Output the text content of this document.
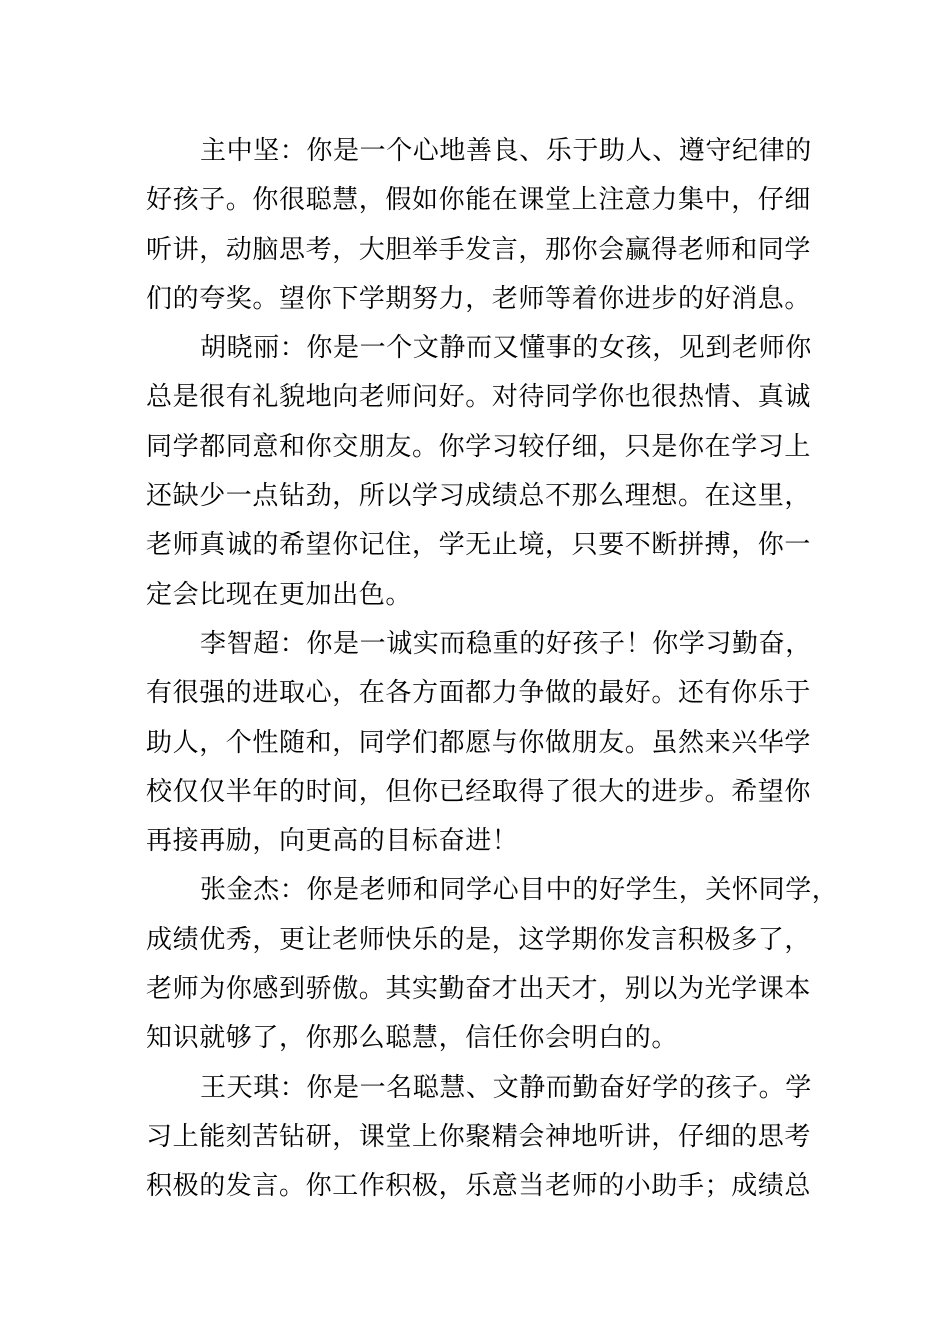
主中坚：你是一个心地善良、乐于助人、遵守纪律的
好孩子。你很聪慧，假如你能在课堂上注意力集中，仔细
听讲，动脑思考，大胆举手发言，那你会赢得老师和同学
们的夸奖。望你下学期努力，老师等着你进步的好消息。
胡晓丽：你是一个文静而又懂事的女孩，见到老师你
总是很有礼貌地向老师问好。对待同学你也很热情、真诚
同学都同意和你交朋友。你学习较仔细，只是你在学习上
还缺少一点钻劲，所以学习成绩总不那么理想。在这里，
老师真诚的希望你记住，学无止境，只要不断拼搏，你一
定会比现在更加出色。
李智超：你是一诚实而稳重的好孩子！你学习勤奋，
有很强的进取心，在各方面都力争做的最好。还有你乐于
助人，个性随和，同学们都愿与你做朋友。虽然来兴华学
校仅仅半年的时间，但你已经取得了很大的进步。希望你
再接再励，向更高的目标奋进！
张金杰：你是老师和同学心目中的好学生，关怀同学，
成绩优秀，更让老师快乐的是，这学期你发言积极多了，
老师为你感到骄傲。其实勤奋才出天才，别以为光学课本
知识就够了，你那么聪慧，信任你会明白的。
王天琪：你是一名聪慧、文静而勤奋好学的孩子。学
习上能刻苦钻研，课堂上你聚精会神地听讲，仔细的思考
积极的发言。你工作积极，乐意当老师的小助手；成绩总
